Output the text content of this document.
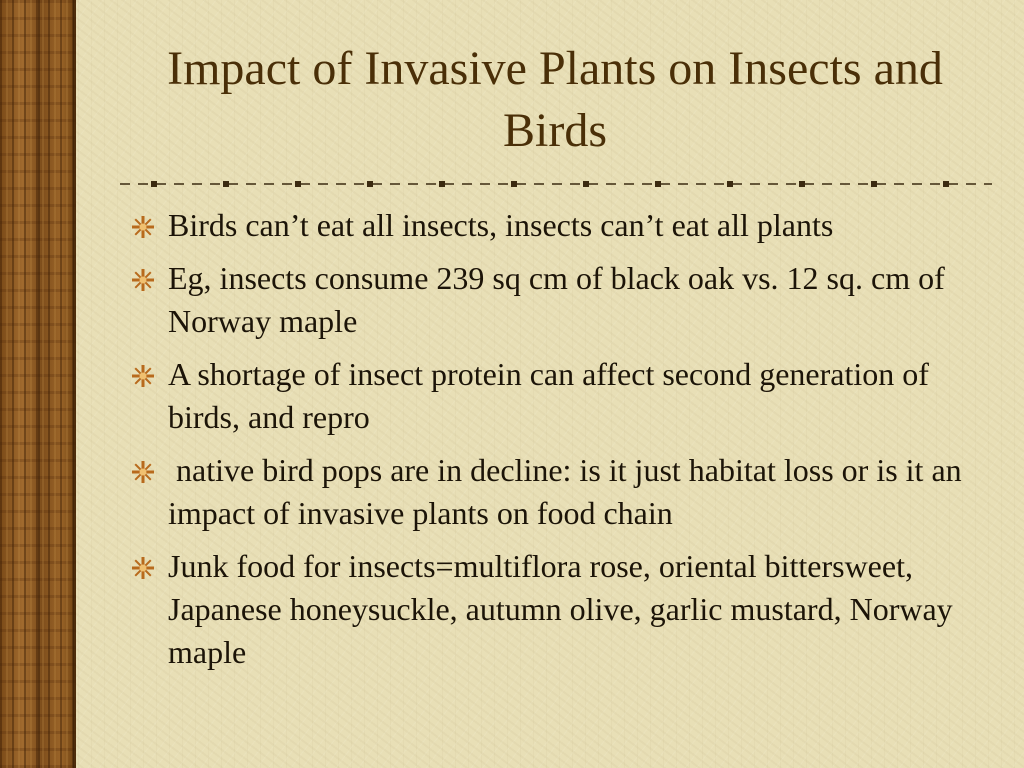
Impact of Invasive Plants on Insects and Birds
Birds can’t eat all insects, insects can’t eat all plants
Eg, insects consume 239 sq cm of black oak vs. 12 sq. cm of Norway maple
A shortage of insect protein can affect second generation of birds, and repro
native bird pops are in decline: is it just habitat loss or is it an impact of invasive plants on food chain
Junk food for insects=multiflora rose, oriental bittersweet, Japanese honeysuckle, autumn olive, garlic mustard, Norway maple
